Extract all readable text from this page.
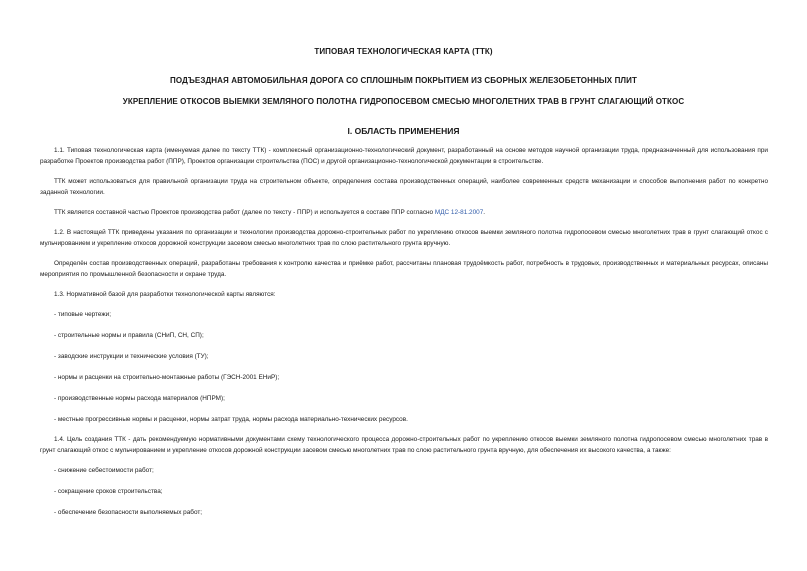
ТИПОВАЯ ТЕХНОЛОГИЧЕСКАЯ КАРТА (ТТК)
ПОДЪЕЗДНАЯ АВТОМОБИЛЬНАЯ ДОРОГА СО СПЛОШНЫМ ПОКРЫТИЕМ ИЗ СБОРНЫХ ЖЕЛЕЗОБЕТОННЫХ ПЛИТ
УКРЕПЛЕНИЕ ОТКОСОВ ВЫЕМКИ ЗЕМЛЯНОГО ПОЛОТНА ГИДРОПОСЕВОМ СМЕСЬЮ МНОГОЛЕТНИХ ТРАВ В ГРУНТ СЛАГАЮЩИЙ ОТКОС
I. ОБЛАСТЬ ПРИМЕНЕНИЯ
1.1. Типовая технологическая карта (именуемая далее по тексту ТТК) - комплексный организационно-технологический документ, разработанный на основе методов научной организации труда, предназначенный для использования при разработке Проектов производства работ (ППР), Проектов организации строительства (ПОС) и другой организационно-технологической документации в строительстве.
ТТК может использоваться для правильной организации труда на строительном объекте, определения состава производственных операций, наиболее современных средств механизации и способов выполнения работ по конкретно заданной технологии.
ТТК является составной частью Проектов производства работ (далее по тексту - ППР) и используется в составе ППР согласно МДС 12-81.2007.
1.2. В настоящей ТТК приведены указания по организации и технологии производства дорожно-строительных работ по укреплению откосов выемки земляного полотна гидропосевом смесью многолетних трав в грунт слагающий откос с мульчированием и укрепление откосов дорожной конструкции засевом смесью многолетних трав по слою растительного грунта вручную.
Определён состав производственных операций, разработаны требования к контролю качества и приёмке работ, рассчитаны плановая трудоёмкость работ, потребность в трудовых, производственных и материальных ресурсах, описаны мероприятия по промышленной безопасности и охране труда.
1.3. Нормативной базой для разработки технологической карты являются:
- типовые чертежи;
- строительные нормы и правила (СНиП, СН, СП);
- заводские инструкции и технические условия (ТУ);
- нормы и расценки на строительно-монтажные работы (ГЭСН-2001 ЕНиР);
- производственные нормы расхода материалов (НПРМ);
- местные прогрессивные нормы и расценки, нормы затрат труда, нормы расхода материально-технических ресурсов.
1.4. Цель создания ТТК - дать рекомендуемую нормативными документами схему технологического процесса дорожно-строительных работ по укреплению откосов выемки земляного полотна гидропосевом смесью многолетних трав в грунт слагающий откос с мульчированием и укрепление откосов дорожной конструкции засевом смесью многолетних трав по слою растительного грунта вручную, для обеспечения их высокого качества, а также:
- снижение себестоимости работ;
- сокращение сроков строительства;
- обеспечение безопасности выполняемых работ;
